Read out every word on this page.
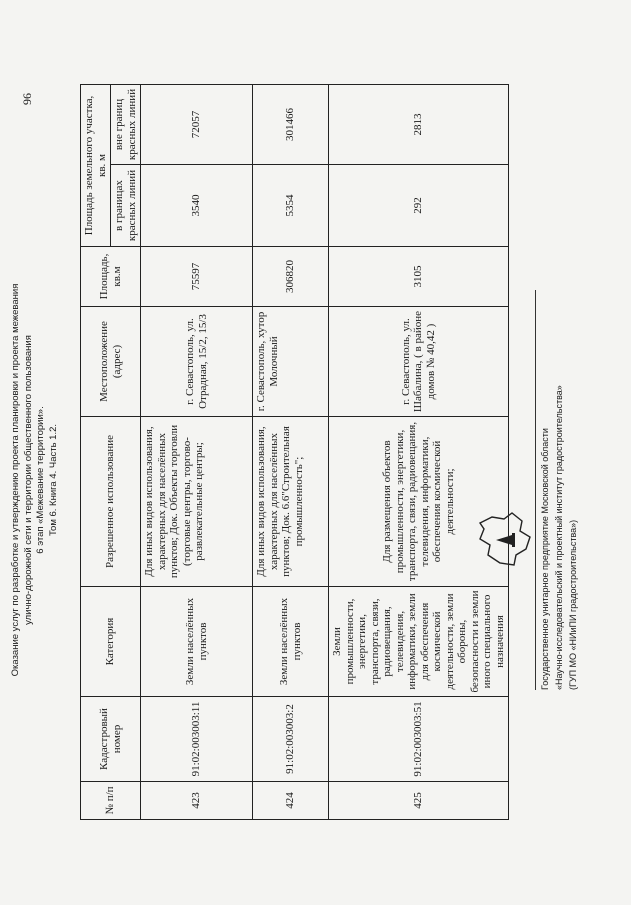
Оказание услуг по разработке и утверждению проекта планировки и проекта межевания улично-дорожной сети и территории общественного пользования 6 этап «Межевание территории». Том 6. Книга 4. Часть 1.2.
96
№ п/п	Кадастровый номер	Категория	Разрешенное использование	Местоположение (адрес)	Площадь, кв.м	Площадь земельного участка, кв. м	
						в границах красных линий	вне границ красных линий
423	91:02:003003:11	Земли населённых пунктов	Для иных видов использования, характерных для населённых пунктов; Док. Объекты торговли (торговые центры, торгово-развлекательные центры;	г. Севастополь, ул. Отрадная, 15/2, 15/3	75597	3540	72057
424	91:02:003003:2	Земли населённых пунктов	Для иных видов использования, характерных для населённых пунктов; Док. 6.6"Строительная промышленность";	г. Севастополь, хутор Молочный	306820	5354	301466
425	91:02:003003:51	Земли промышленности, энергетики, транспорта, связи, радиовещания, телевидения, информатики, земли для обеспечения космической деятельности, земли обороны, безопасности и земли иного специального назначения	Для размещения объектов промышленности, энергетики, транспорта, связи, радиовещания, телевидения, информатики, обеспечения космической деятельности;	г. Севастополь, ул. Шабалина, ( в районе домов № 40,42 )	3105	292	2813
Государственное унитарное предприятие Московской области «Научно-исследовательский и проектный институт градостроительства» (ГУП МО «НИиПИ градостроительства»)
